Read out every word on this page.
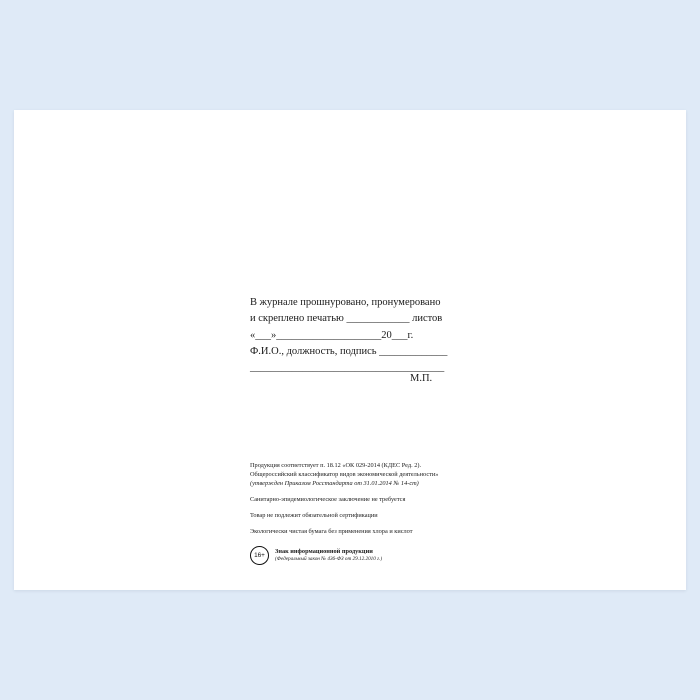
В журнале прошнуровано, пронумеровано
и скреплено печатью ____________ листов
«___»____________________20___г.
Ф.И.О., должность, подпись _____________
_____________________________________
М.П.

Продукция соответствует п. 18.12 «ОК 029-2014 (КДЕС Ред. 2).

Общероссийский классификатор видов экономической деятельности»

(утвержден Приказом Росстандарта от 31.01.2014 № 14-ст)

Санитарно-эпидемиологическое заключение не требуется

Товар не подлежит обязательной сертификации

Экологически чистая бумага без применения хлора и кислот

16+
Знак информационной продукции
(Федеральный закон № 436-ФЗ от 29.12.2010 г.)
